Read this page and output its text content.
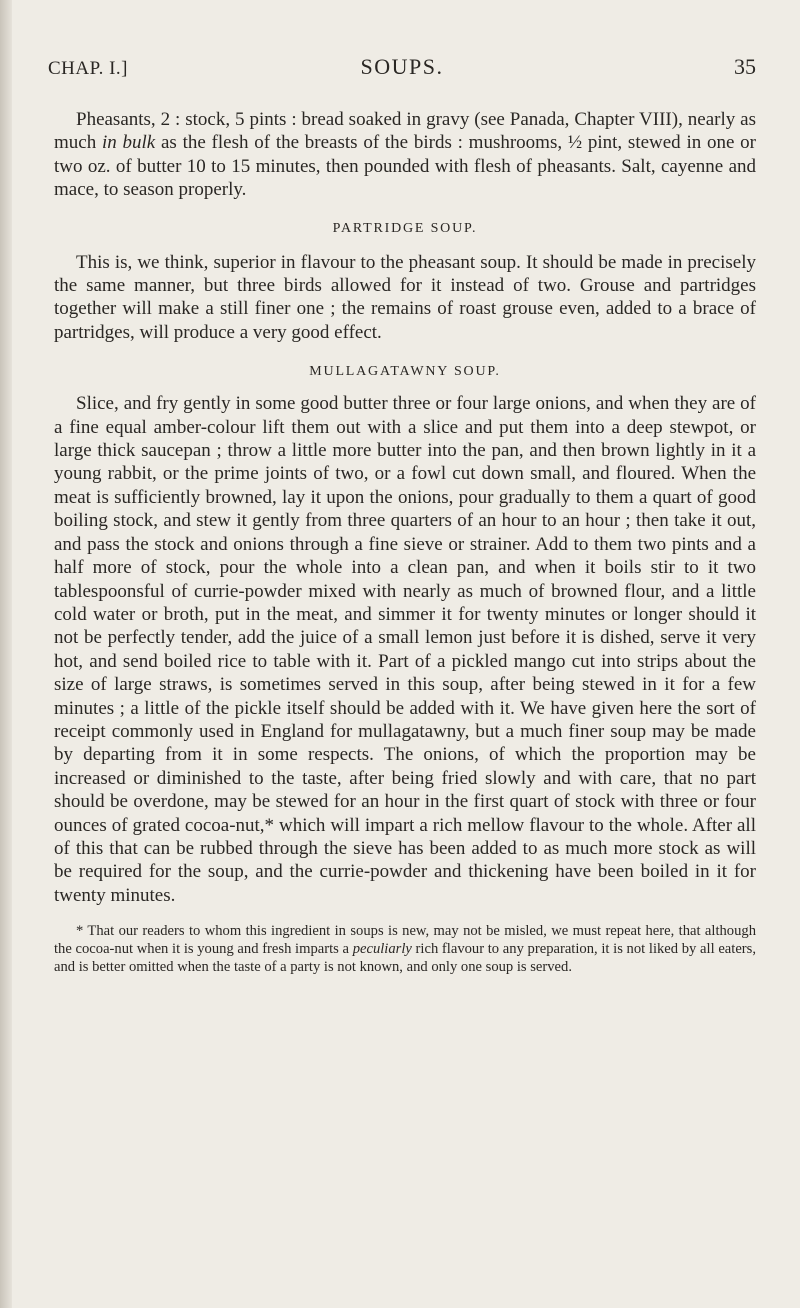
CHAP. I.]	SOUPS.	35

Pheasants, 2 : stock, 5 pints : bread soaked in gravy (see Panada, Chapter VIII), nearly as much in bulk as the flesh of the breasts of the birds : mushrooms, ½ pint, stewed in one or two oz. of butter 10 to 15 minutes, then pounded with flesh of pheasants. Salt, cayenne and mace, to season properly.

PARTRIDGE SOUP.

This is, we think, superior in flavour to the pheasant soup. It should be made in precisely the same manner, but three birds allowed for it instead of two. Grouse and partridges together will make a still finer one ; the remains of roast grouse even, added to a brace of partridges, will produce a very good effect.

MULLAGATAWNY SOUP.

Slice, and fry gently in some good butter three or four large onions, and when they are of a fine equal amber-colour lift them out with a slice and put them into a deep stewpot, or large thick saucepan ; throw a little more butter into the pan, and then brown lightly in it a young rabbit, or the prime joints of two, or a fowl cut down small, and floured. When the meat is sufficiently browned, lay it upon the onions, pour gradually to them a quart of good boiling stock, and stew it gently from three quarters of an hour to an hour ; then take it out, and pass the stock and onions through a fine sieve or strainer. Add to them two pints and a half more of stock, pour the whole into a clean pan, and when it boils stir to it two tablespoonsful of currie-powder mixed with nearly as much of browned flour, and a little cold water or broth, put in the meat, and simmer it for twenty minutes or longer should it not be perfectly tender, add the juice of a small lemon just before it is dished, serve it very hot, and send boiled rice to table with it. Part of a pickled mango cut into strips about the size of large straws, is sometimes served in this soup, after being stewed in it for a few minutes ; a little of the pickle itself should be added with it. We have given here the sort of receipt commonly used in England for mullagatawny, but a much finer soup may be made by departing from it in some respects. The onions, of which the proportion may be increased or diminished to the taste, after being fried slowly and with care, that no part should be overdone, may be stewed for an hour in the first quart of stock with three or four ounces of grated cocoa-nut,* which will impart a rich mellow flavour to the whole. After all of this that can be rubbed through the sieve has been added to as much more stock as will be required for the soup, and the currie-powder and thickening have been boiled in it for twenty minutes.

* That our readers to whom this ingredient in soups is new, may not be misled, we must repeat here, that although the cocoa-nut when it is young and fresh imparts a peculiarly rich flavour to any preparation, it is not liked by all eaters, and is better omitted when the taste of a party is not known, and only one soup is served.
